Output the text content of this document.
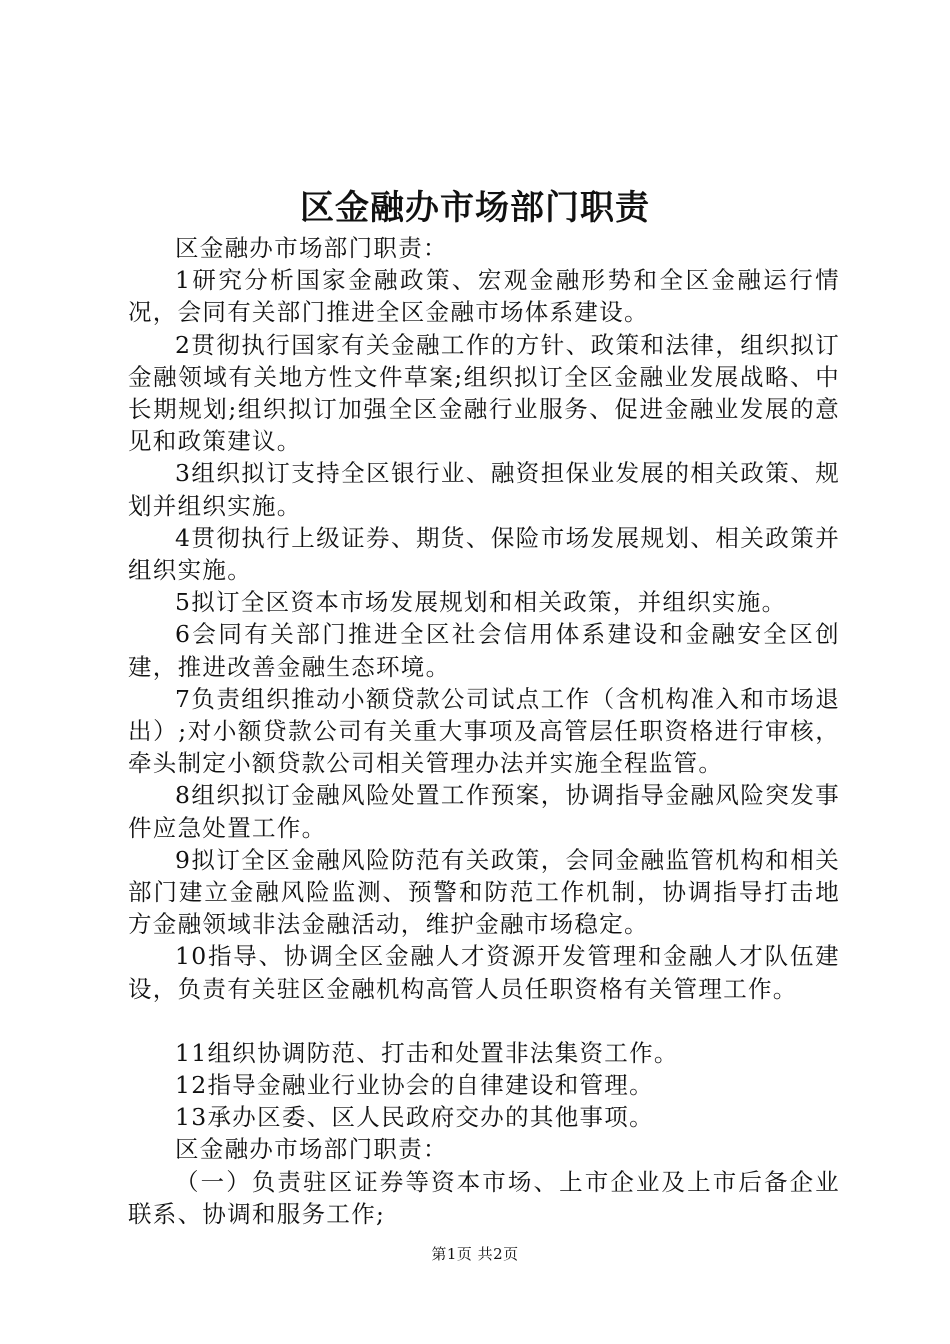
区金融办市场部门职责

区金融办市场部门职责：

1研究分析国家金融政策、宏观金融形势和全区金融运行情况，会同有关部门推进全区金融市场体系建设。

2贯彻执行国家有关金融工作的方针、政策和法律，组织拟订金融领域有关地方性文件草案;组织拟订全区金融业发展战略、中长期规划;组织拟订加强全区金融行业服务、促进金融业发展的意见和政策建议。

3组织拟订支持全区银行业、融资担保业发展的相关政策、规划并组织实施。

4贯彻执行上级证券、期货、保险市场发展规划、相关政策并组织实施。

5拟订全区资本市场发展规划和相关政策，并组织实施。

6会同有关部门推进全区社会信用体系建设和金融安全区创建，推进改善金融生态环境。

7负责组织推动小额贷款公司试点工作（含机构准入和市场退出）;对小额贷款公司有关重大事项及高管层任职资格进行审核，牵头制定小额贷款公司相关管理办法并实施全程监管。

8组织拟订金融风险处置工作预案，协调指导金融风险突发事件应急处置工作。

9拟订全区金融风险防范有关政策，会同金融监管机构和相关部门建立金融风险监测、预警和防范工作机制，协调指导打击地方金融领域非法金融活动，维护金融市场稳定。

10指导、协调全区金融人才资源开发管理和金融人才队伍建设，负责有关驻区金融机构高管人员任职资格有关管理工作。

11组织协调防范、打击和处置非法集资工作。

12指导金融业行业协会的自律建设和管理。

13承办区委、区人民政府交办的其他事项。

区金融办市场部门职责：

（一）负责驻区证券等资本市场、上市企业及上市后备企业联系、协调和服务工作;

第1页 共2页
